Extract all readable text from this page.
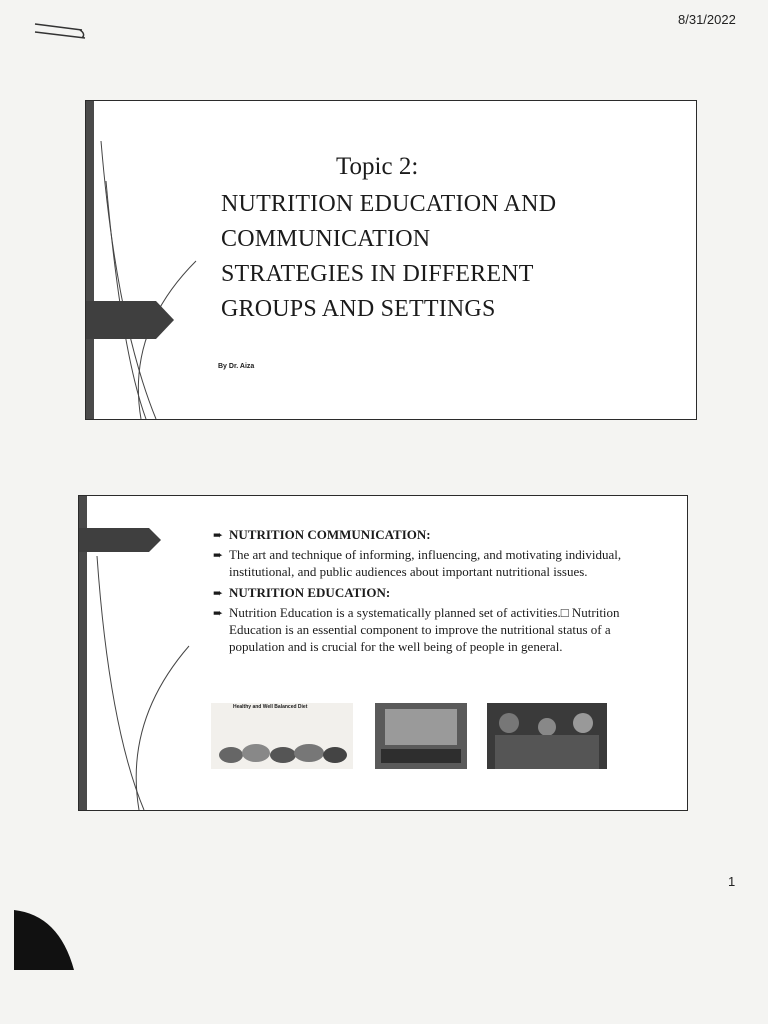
8/31/2022
Topic 2:
NUTRITION EDUCATION AND
COMMUNICATION
STRATEGIES IN DIFFERENT
GROUPS AND SETTINGS
By Dr. Aiza
➨ NUTRITION COMMUNICATION:
➨ The art and technique of informing, influencing, and motivating individual, institutional, and public audiences about important nutritional issues.
➨ NUTRITION EDUCATION:
➨ Nutrition Education is a systematically planned set of activities.□ Nutrition Education is an essential component to improve the nutritional status of a population and is crucial for the well being of people in general.
Healthy and Well Balanced Diet
1
